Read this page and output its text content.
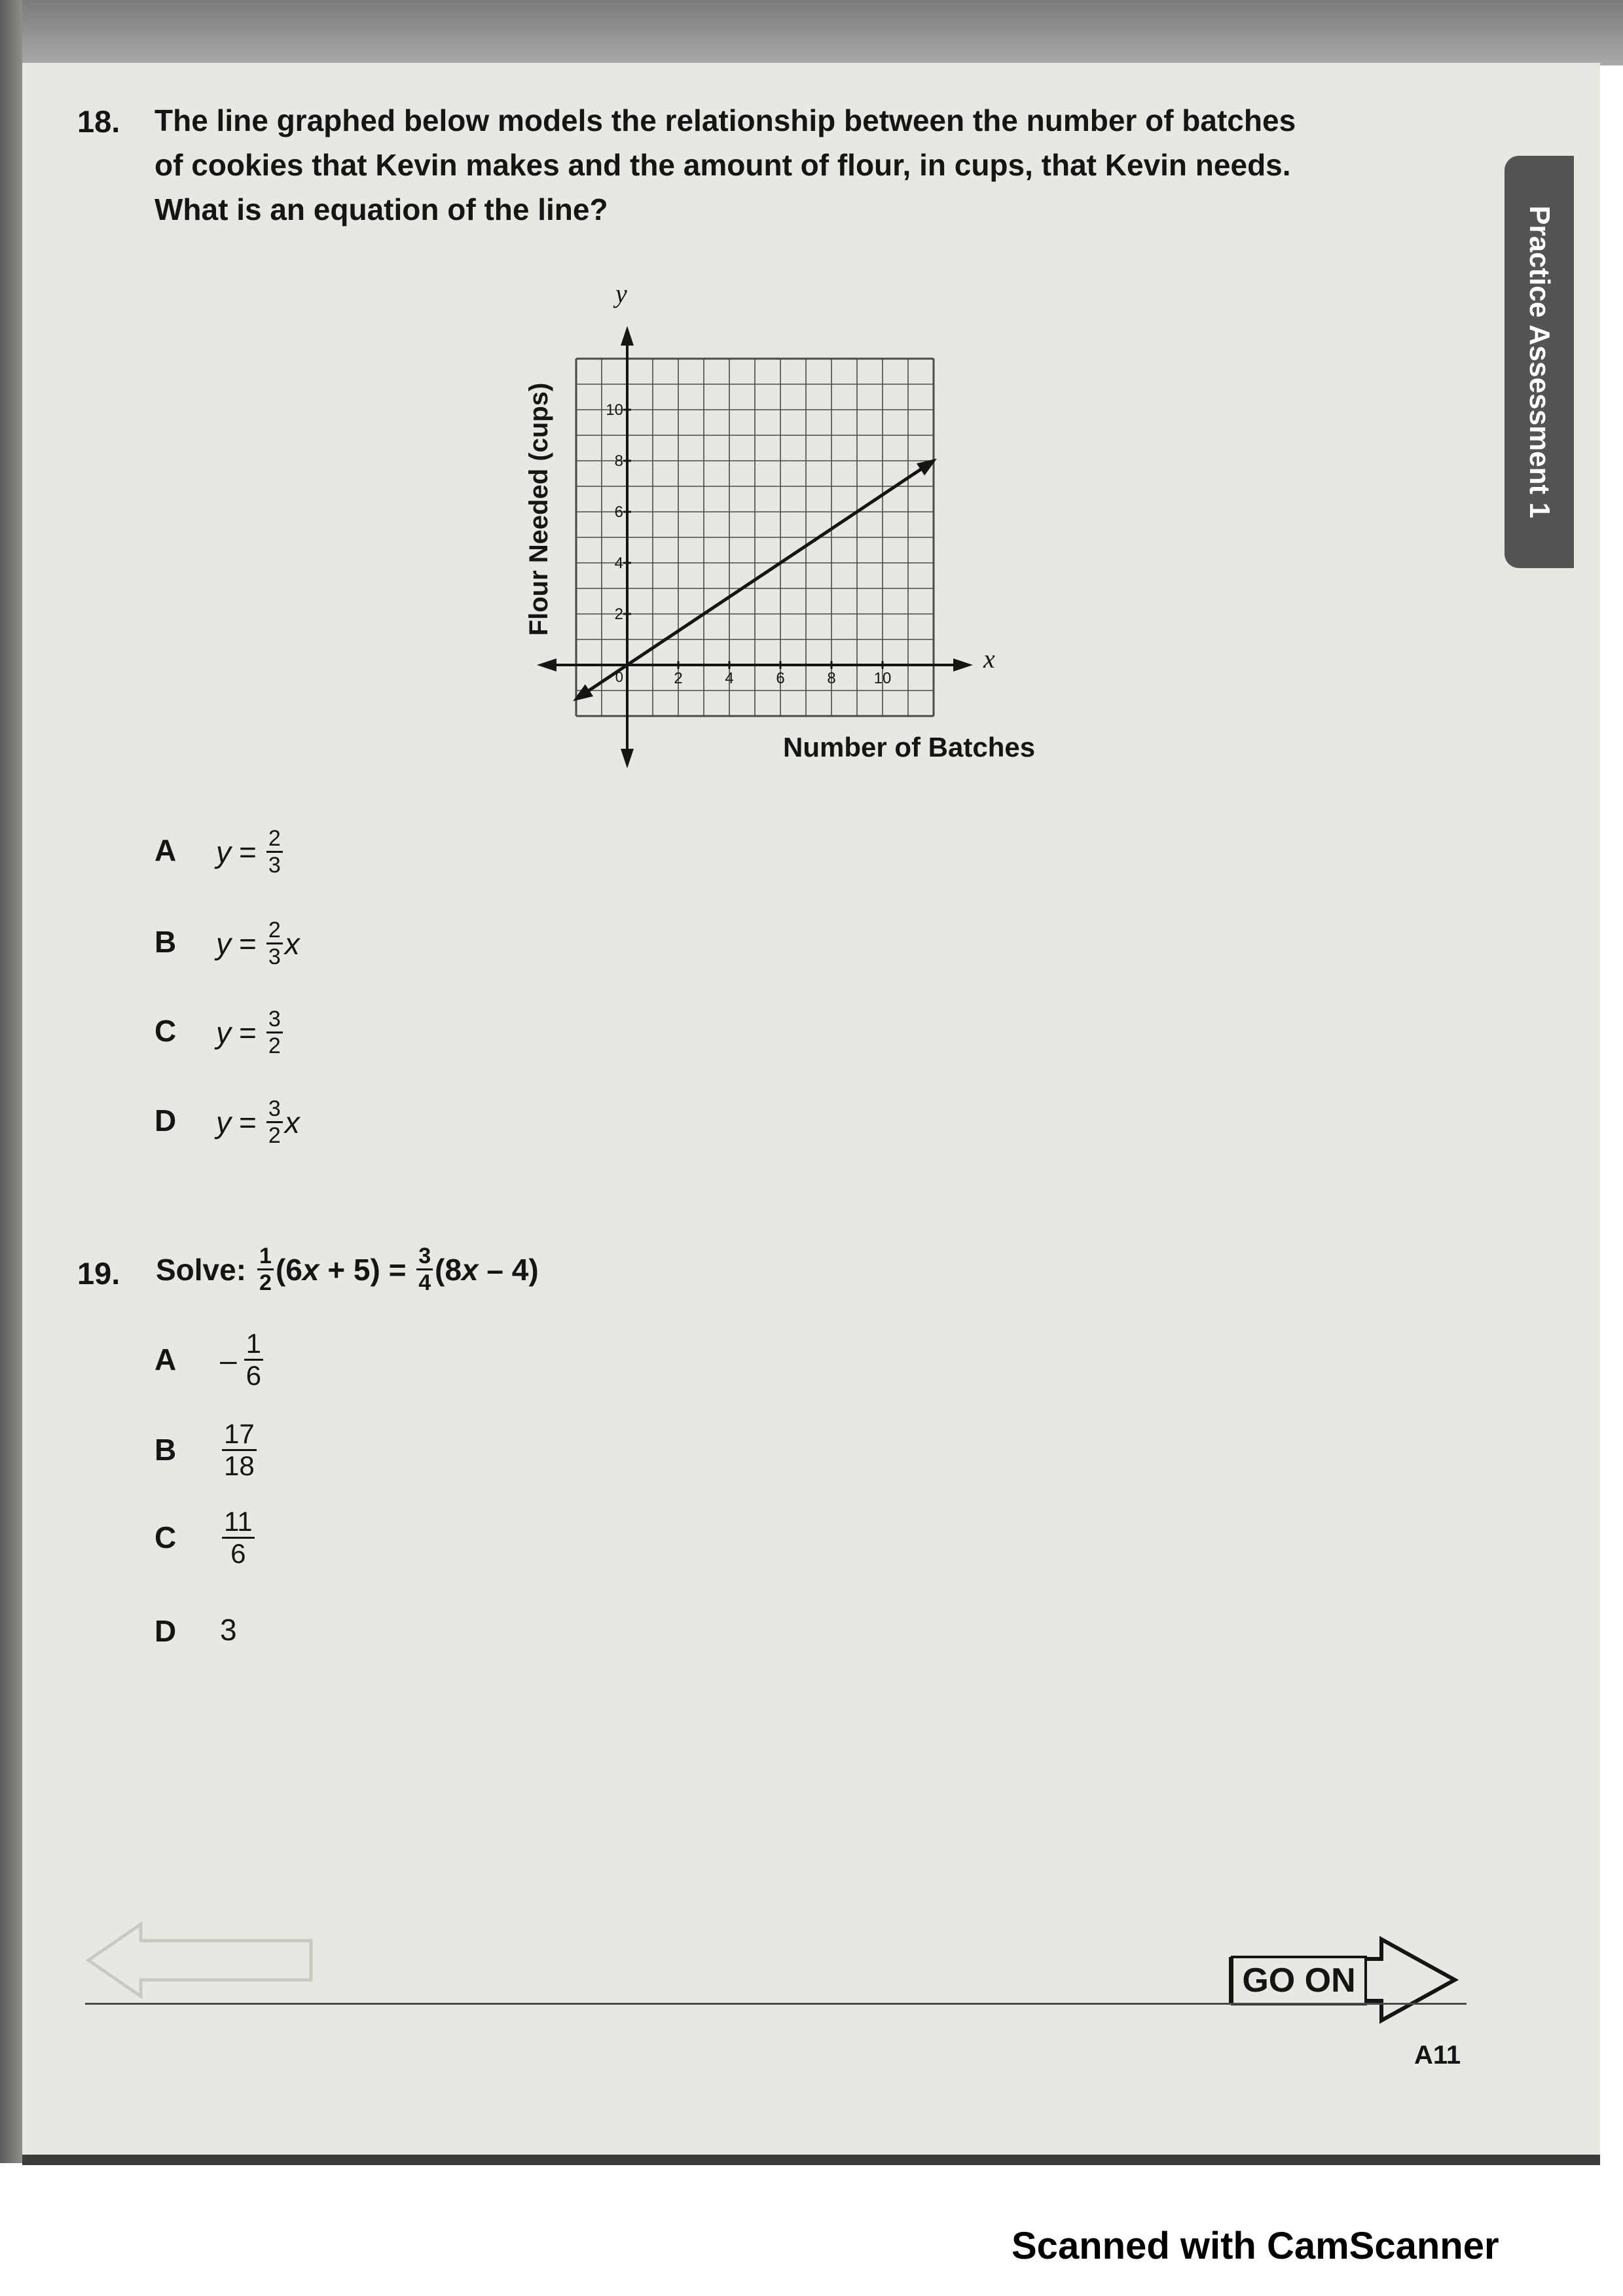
Practice Assessment 1
18. The line graphed below models the relationship between the number of batches
of cookies that Kevin makes and the amount of flour, in cups, that Kevin needs.
What is an equation of the line?
2	4	6	8 10
2
4
6
8
10
0
Number of Batches
Flour Needed (cups)
x
y
A $y = \frac{2}{3}$
B $y = \frac{2}{3}$ x
C $y = \frac{3}{2}$
D $y = \frac{3}{2}$ x
19. Solve: $\frac{1}{2} (6$ $x + 5) = \frac{3}{4} (8$ x – 4)
A – $\frac{1}{6}$
B $\frac{17}{18}$
C $\frac{11}{6}$
D 3
GO ON
A11
Scanned with CamScanner
